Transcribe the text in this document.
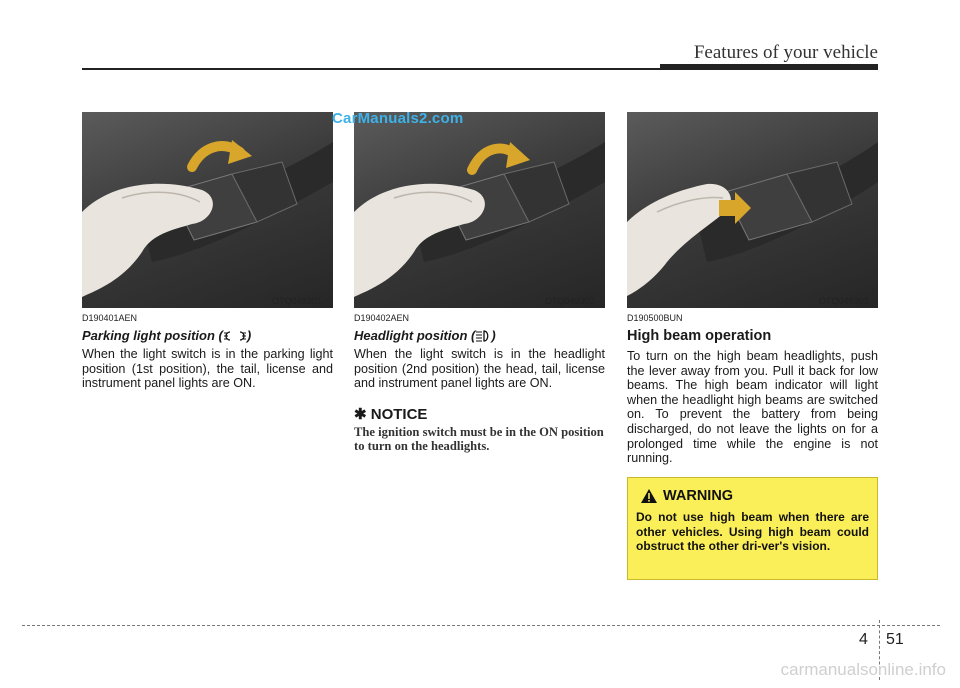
Features of your vehicle
OTQ049301	OTQ049302	OTQ049303
D190401AEN
Parking light position ( )

When the light switch is in the parking light position (1st position), the tail, license and instrument panel lights are ON.

D190402AEN
Headlight position ( )

When the light switch is in the headlight position (2nd position) the head, tail, license and instrument panel lights are ON.

✱ NOTICE

The ignition switch must be in the ON position to turn on the headlights.

D190500BUN
High beam operation

To turn on the high beam headlights, push the lever away from you. Pull it back for low beams. The high beam indicator will light when the headlight high beams are switched on. To prevent the battery from being discharged, do not leave the lights on for a prolonged time while the engine is not running.

WARNING
Do not use high beam when there are other vehicles. Using high beam could obstruct the other dri-ver's vision.
4 51
CarManuals2.com
carmanualsonline.info
